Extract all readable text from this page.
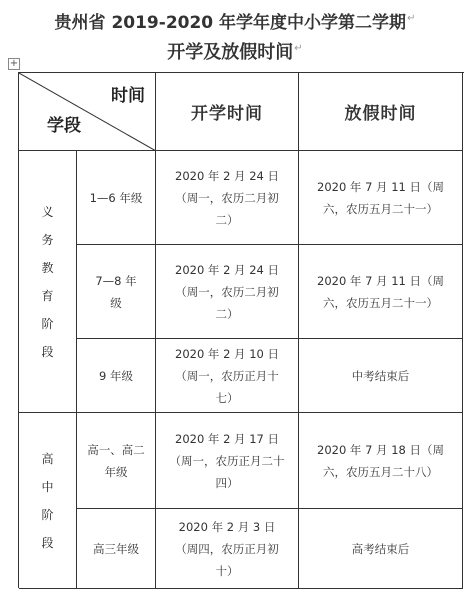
贵州省 2019-2020 年学年度中小学第二学期↵
开学及放假时间↵
+
时间
学段
开学时间	放假时间
义务教育阶段
高中阶段
1—6 年级
2020 年 2 月 24 日（周一，农历二月初二）
2020 年 7 月 11 日（周六，农历五月二十一）
7—8 年级
2020 年 2 月 24 日（周一，农历二月初二）
2020 年 7 月 11 日（周六，农历五月二十一）
9 年级
2020 年 2 月 10 日（周一，农历正月十七）
中考结束后
高一、高二年级
2020 年 2 月 17 日（周一，农历正月二十四）
2020 年 7 月 18 日（周六，农历五月二十八）
高三年级
2020 年 2 月 3 日（周四，农历正月初十）
高考结束后
